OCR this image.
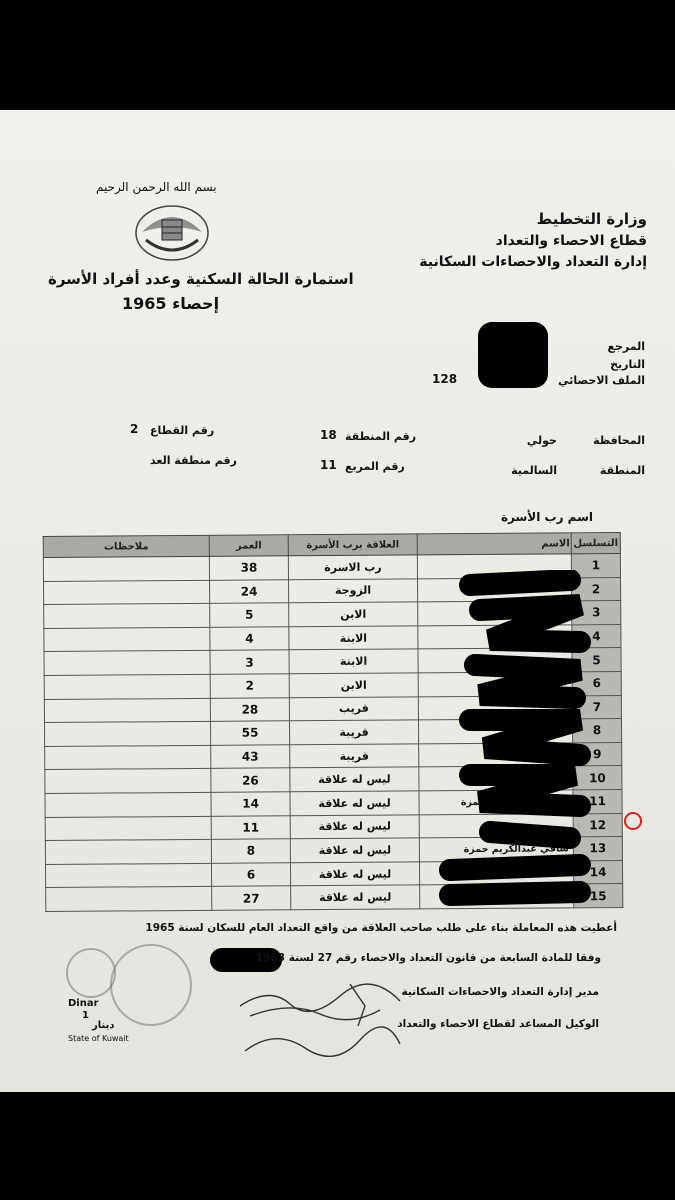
وزارة التخطيط
قطاع الاحصاء والتعداد
إدارة التعداد والاحصاءات السكانية
بسم الله الرحمن الرحيم
استمارة الحالة السكنية وعدد أفراد الأسرة
إحصاء 1965
المرجع
التاريخ
الملف الاحصائي
128
المحافظة
حولي
المنطقة
السالمية
رقم المنطقة
18
رقم المربع
11
رقم القطاع
2
رقم منطقة العد
اسم رب الأسرة
التسلسل	الاسم	العلاقة برب الأسرة	العمر	ملاحظات
1		رب الاسرة	38	
2		الزوجة	24	
3		الابن	5	
4		الابنة	4	
5		الابنة	3	
6		الابن	2	
7		قريب	28	
8		قريبة	55	
9		قريبة	43	
10	احمد عبدالكريم حمزة	ليس له علاقة	26	
11	مسافر عبدالكريم حمزة	ليس له علاقة	14	
12		ليس له علاقة	11	
13	شافي عبدالكريم حمزة	ليس له علاقة	8	
14		ليس له علاقة	6	
15	نجم عبدالكريم حمزة	ليس له علاقة	27	
أعطيت هذه المعاملة بناء على طلب صاحب العلاقة من واقع التعداد العام للسكان لسنة 1965
وفقا للمادة السابعة من قانون التعداد والاحصاء رقم 27 لسنة 1963
مدير إدارة التعداد والاحصاءات السكانية
الوكيل المساعد لقطاع الاحصاء والتعداد
Dinar
1
دينار
State of Kuwait
